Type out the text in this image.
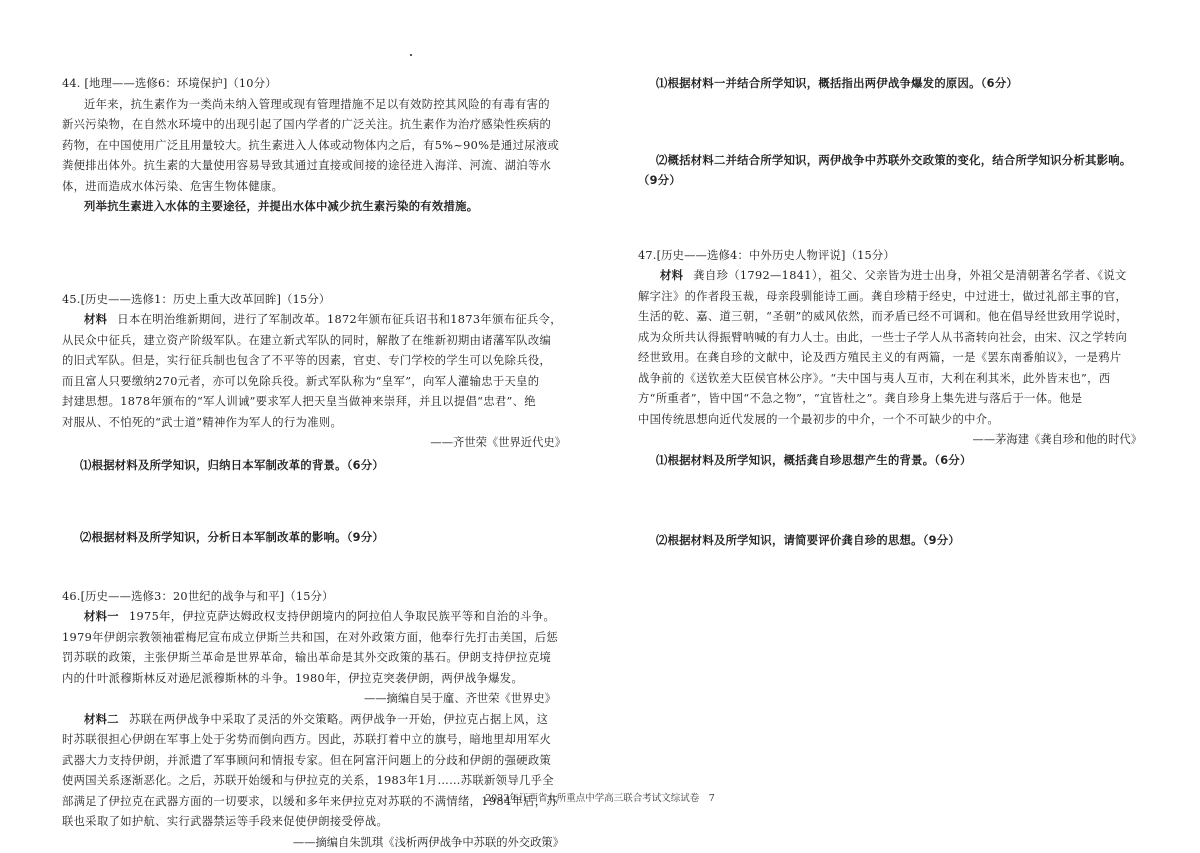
44. [地理——选修6：环境保护]（10分）
近年来，抗生素作为一类尚未纳入管理或现有管理措施不足以有效防控其风险的有毒有害的
新兴污染物，在自然水环境中的出现引起了国内学者的广泛关注。抗生素作为治疗感染性疾病的
药物，在中国使用广泛且用量较大。抗生素进入人体或动物体内之后，有5%~90%是通过尿液或
粪便排出体外。抗生素的大量使用容易导致其通过直接或间接的途径进入海洋、河流、湖泊等水
体，进而造成水体污染、危害生物体健康。
列举抗生素进入水体的主要途径，并提出水体中减少抗生素污染的有效措施。
45.[历史——选修1：历史上重大改革回眸]（15分）
材料 日本在明治维新期间，进行了军制改革。1872年颁布征兵诏书和1873年颁布征兵令，
从民众中征兵，建立资产阶级军队。在建立新式军队的同时，解散了在维新初期由诸藩军队改编
的旧式军队。但是，实行征兵制也包含了不平等的因素，官吏、专门学校的学生可以免除兵役，
而且富人只要缴纳270元者，亦可以免除兵役。新式军队称为“皇军”，向军人灌输忠于天皇的
封建思想。1878年颁布的“军人训诫”要求军人把天皇当做神来崇拜，并且以提倡“忠君”、绝
对服从、不怕死的“武士道”精神作为军人的行为准则。
——齐世荣《世界近代史》
⑴根据材料及所学知识，归纳日本军制改革的背景。（6分）
⑵根据材料及所学知识，分析日本军制改革的影响。（9分）
46.[历史——选修3：20世纪的战争与和平]（15分）
材料一 1975年，伊拉克萨达姆政权支持伊朗境内的阿拉伯人争取民族平等和自治的斗争。
1979年伊朗宗教领袖霍梅尼宣布成立伊斯兰共和国，在对外政策方面，他奉行先打击美国，后惩
罚苏联的政策，主张伊斯兰革命是世界革命，输出革命是其外交政策的基石。伊朗支持伊拉克境
内的什叶派穆斯林反对逊尼派穆斯林的斗争。1980年，伊拉克突袭伊朗，两伊战争爆发。
——摘编自吴于廑、齐世荣《世界史》
材料二 苏联在两伊战争中采取了灵活的外交策略。两伊战争一开始，伊拉克占据上风，这
时苏联很担心伊朗在军事上处于劣势而倒向西方。因此，苏联打着中立的旗号，暗地里却用军火
武器大力支持伊朗，并派遣了军事顾问和情报专家。但在阿富汗问题上的分歧和伊朗的强硬政策
使两国关系逐渐恶化。之后，苏联开始缓和与伊拉克的关系，1983年1月……苏联新领导几乎全
部满足了伊拉克在武器方面的一切要求，以缓和多年来伊拉克对苏联的不满情绪，1984年后，苏
联也采取了如护航、实行武器禁运等手段来促使伊朗接受停战。
——摘编自朱凯琪《浅析两伊战争中苏联的外交政策》
⑴根据材料一并结合所学知识，概括指出两伊战争爆发的原因。（6分）
⑵概括材料二并结合所学知识，两伊战争中苏联外交政策的变化，结合所学知识分析其影响。
（9分）
47.[历史——选修4：中外历史人物评说]（15分）
材料 龚自珍（1792—1841），祖父、父亲皆为进士出身，外祖父是清朝著名学者、《说文
解字注》的作者段玉裁，母亲段驯能诗工画。龚自珍精于经史，中过进士，做过礼部主事的官，
生活的乾、嘉、道三朝，“圣朝”的威风依然，而矛盾已经不可调和。他在倡导经世致用学说时，
成为众所共认得振臂呐喊的有力人士。由此，一些士子学人从书斋转向社会，由宋、汉之学转向
经世致用。在龚自珍的文献中，论及西方殖民主义的有两篇，一是《罢东南番舶议》，一是鸦片
战争前的《送钦差大臣侯官林公序》。“夫中国与夷人互市，大利在利其米，此外皆末也”，西
方“所重者”，皆中国“不急之物”，“宜皆杜之”。龚自珍身上集先进与落后于一体。他是
中国传统思想向近代发展的一个最初步的中介，一个不可缺少的中介。
——茅海建《龚自珍和他的时代》
⑴根据材料及所学知识，概括龚自珍思想产生的背景。（6分）
⑵根据材料及所学知识，请简要评价龚自珍的思想。（9分）
2023年江西省九所重点中学高三联合考试文综试卷　7
